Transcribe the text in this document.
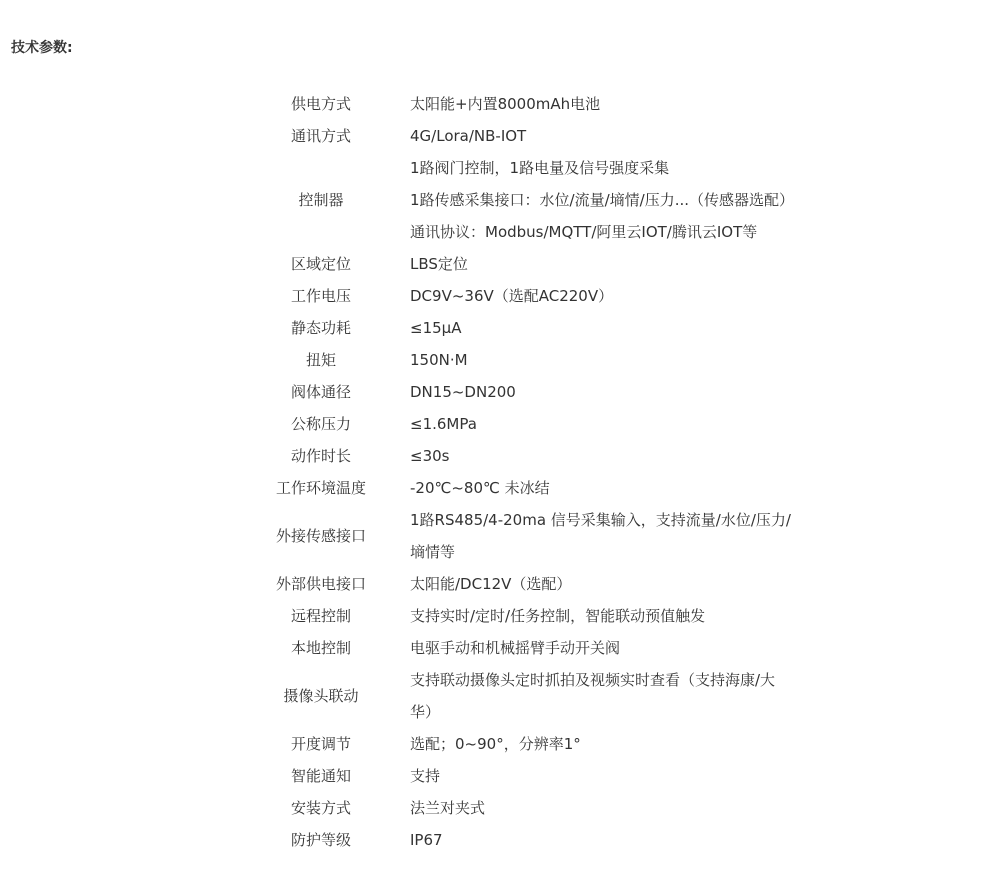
技术参数:
供电方式	太阳能+内置8000mAh电池

通讯方式	4G/Lora/NB-IOT

控制器	1路阀门控制，1路电量及信号强度采集
1路传感采集接口：水位/流量/墒情/压力...（传感器选配）
通讯协议：Modbus/MQTT/阿里云IOT/腾讯云IOT等

区域定位	LBS定位

工作电压	DC9V~36V（选配AC220V）

静态功耗	≤15μA

扭矩	150N·M

阀体通径	DN15~DN200

公称压力	≤1.6MPa

动作时长	≤30s

工作环境温度	-20℃~80℃ 未冰结

外接传感接口	1路RS485/4-20ma 信号采集输入，支持流量/水位/压力/
墒情等

外部供电接口	太阳能/DC12V（选配）

远程控制	支持实时/定时/任务控制，智能联动预值触发

本地控制	电驱手动和机械摇臂手动开关阀

摄像头联动	支持联动摄像头定时抓拍及视频实时查看（支持海康/大
华）

开度调节	选配；0~90°，分辨率1°

智能通知	支持

安装方式	法兰对夹式

防护等级	IP67
